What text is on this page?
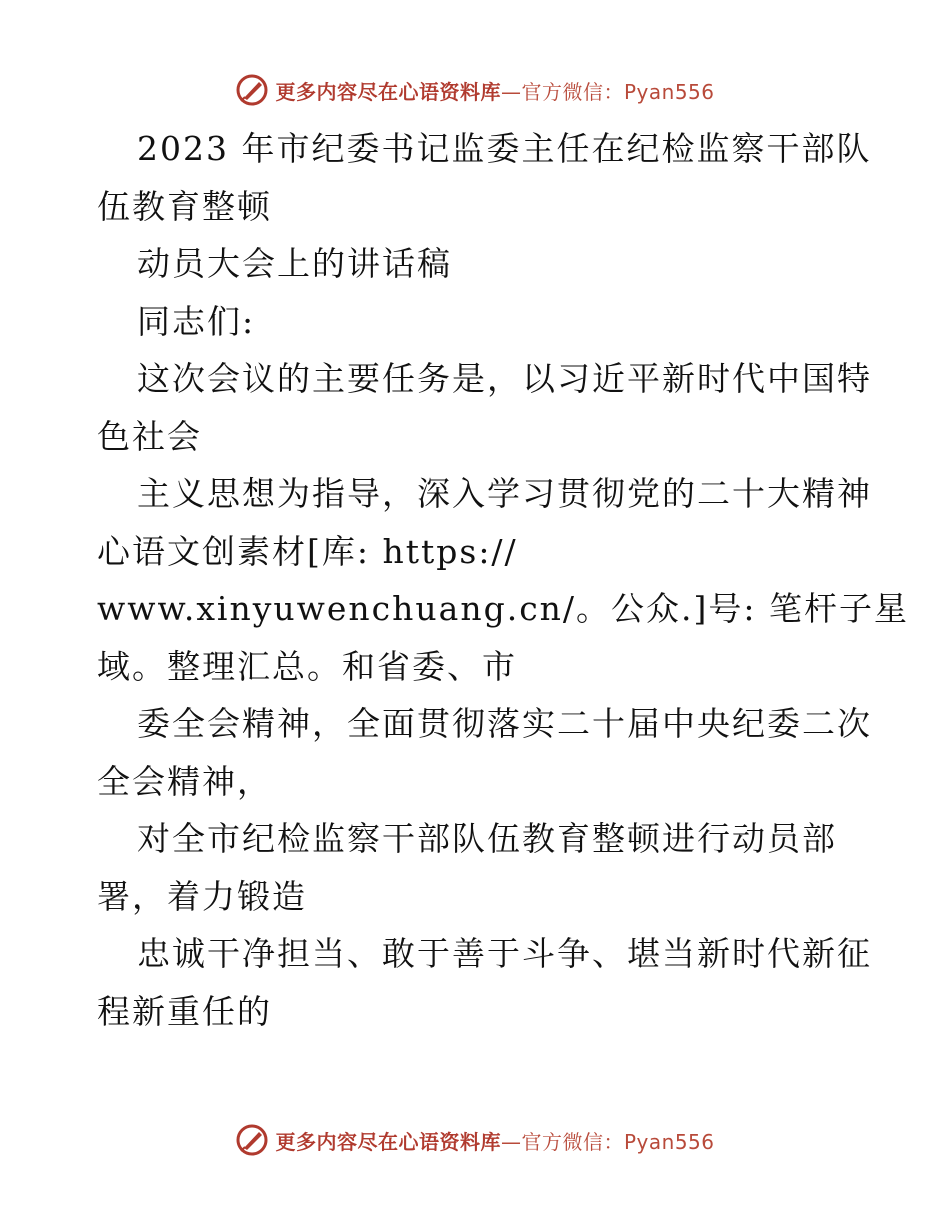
更多内容尽在心语资料库—官方微信：Pyan556
2023 年市纪委书记监委主任在纪检监察干部队
伍教育整顿
动员大会上的讲话稿
同志们:
这次会议的主要任务是，以习近平新时代中国特
色社会
主义思想为指导，深入学习贯彻党的二十大精神
心语文创素材[库: https://
www.xinyuwenchuang.cn/。公众.]号: 笔杆子星
域。整理汇总。和省委、市
委全会精神，全面贯彻落实二十届中央纪委二次
全会精神，
对全市纪检监察干部队伍教育整顿进行动员部
署，着力锻造
忠诚干净担当、敢于善于斗争、堪当新时代新征
程新重任的
更多内容尽在心语资料库—官方微信：Pyan556
